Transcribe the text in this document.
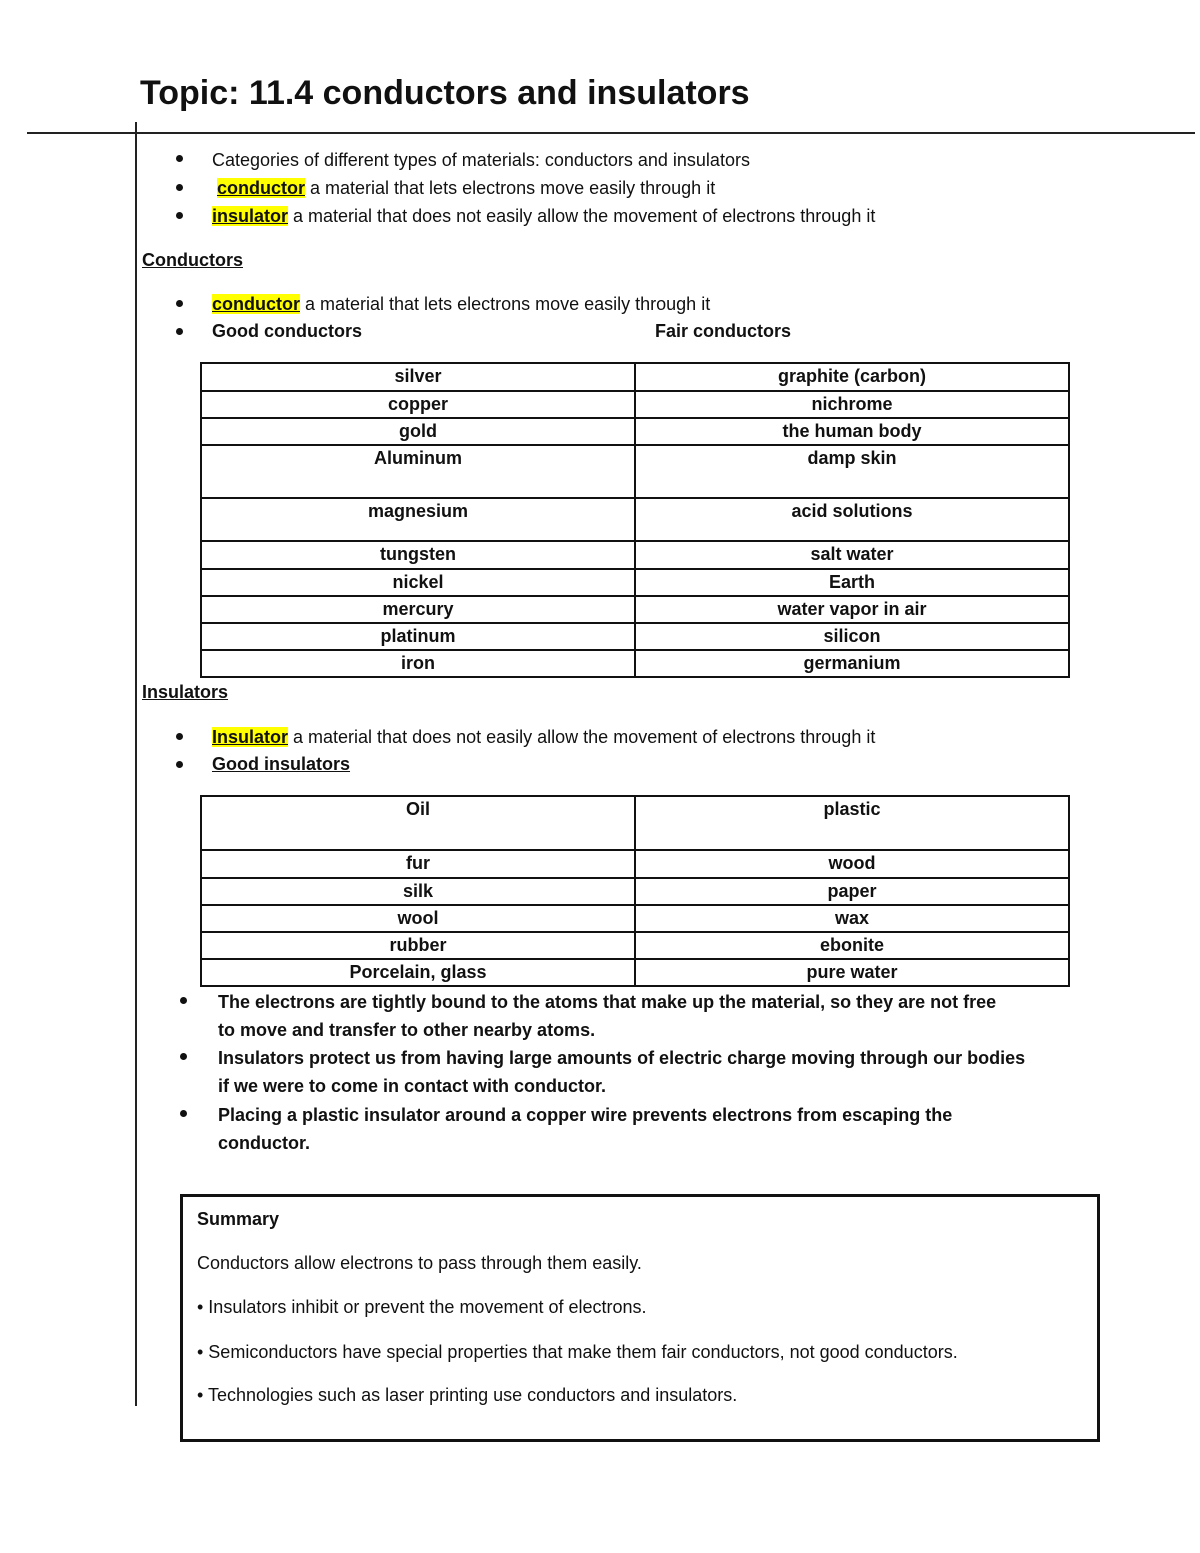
Topic: 11.4 conductors and insulators
Categories of different types of materials: conductors and insulators
conductor a material that lets electrons move easily through it
insulator a material that does not easily allow the movement of electrons through it
Conductors
conductor a material that lets electrons move easily through it
Good conductors	Fair conductors
silver	graphite (carbon)
copper	nichrome
gold	the human body
Aluminum	damp skin
magnesium	acid solutions
tungsten	salt water
nickel	Earth
mercury	water vapor in air
platinum	silicon
iron	germanium
Insulators
Insulator a material that does not easily allow the movement of electrons through it
Good insulators
Oil	plastic
fur	wood
silk	paper
wool	wax
rubber	ebonite
Porcelain, glass	pure water
The electrons are tightly bound to the atoms that make up the material, so they are not free
to move and transfer to other nearby atoms.
Insulators protect us from having large amounts of electric charge moving through our bodies
if we were to come in contact with conductor.
Placing a plastic insulator around a copper wire prevents electrons from escaping the
conductor.
Summary
Conductors allow electrons to pass through them easily.
• Insulators inhibit or prevent the movement of electrons.
• Semiconductors have special properties that make them fair conductors, not good conductors.
• Technologies such as laser printing use conductors and insulators.
